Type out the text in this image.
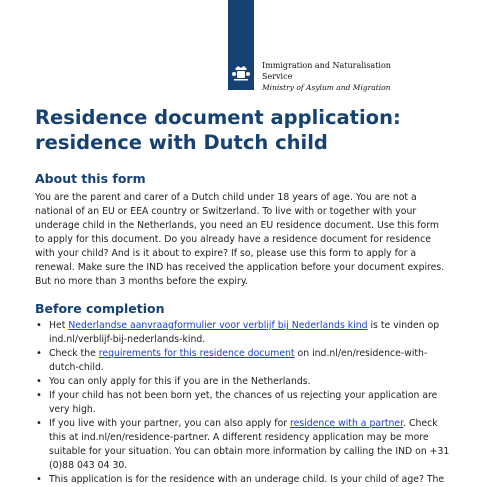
Immigration and Naturalisation
Service
Ministry of Asylum and Migration
Residence document application:
residence with Dutch child
About this form

You are the parent and carer of a Dutch child under 18 years of age. You are not a national of an EU or EEA country or Switzerland. To live with or together with your underage child in the Netherlands, you need an EU residence document. Use this form to apply for this document. Do you already have a residence document for residence with your child? And is it about to expire? If so, please use this form to apply for a renewal. Make sure the IND has received the application before your document expires. But no more than 3 months before the expiry.

Before completion
• Het Nederlandse aanvraagformulier voor verblijf bij Nederlands kind is te vinden op ind.nl/verblijf-bij-nederlands-kind.
• Check the requirements for this residence document on ind.nl/en/residence-with-dutch-child.
• You can only apply for this if you are in the Netherlands.
• If your child has not been born yet, the chances of us rejecting your application are very high.
• If you live with your partner, you can also apply for residence with a partner. Check this at ind.nl/en/residence-partner. A different residency application may be more suitable for your situation. You can obtain more information by calling the IND on +31 (0)88 043 04 30.
• This application is for the residence with an underage child. Is your child of age? The
